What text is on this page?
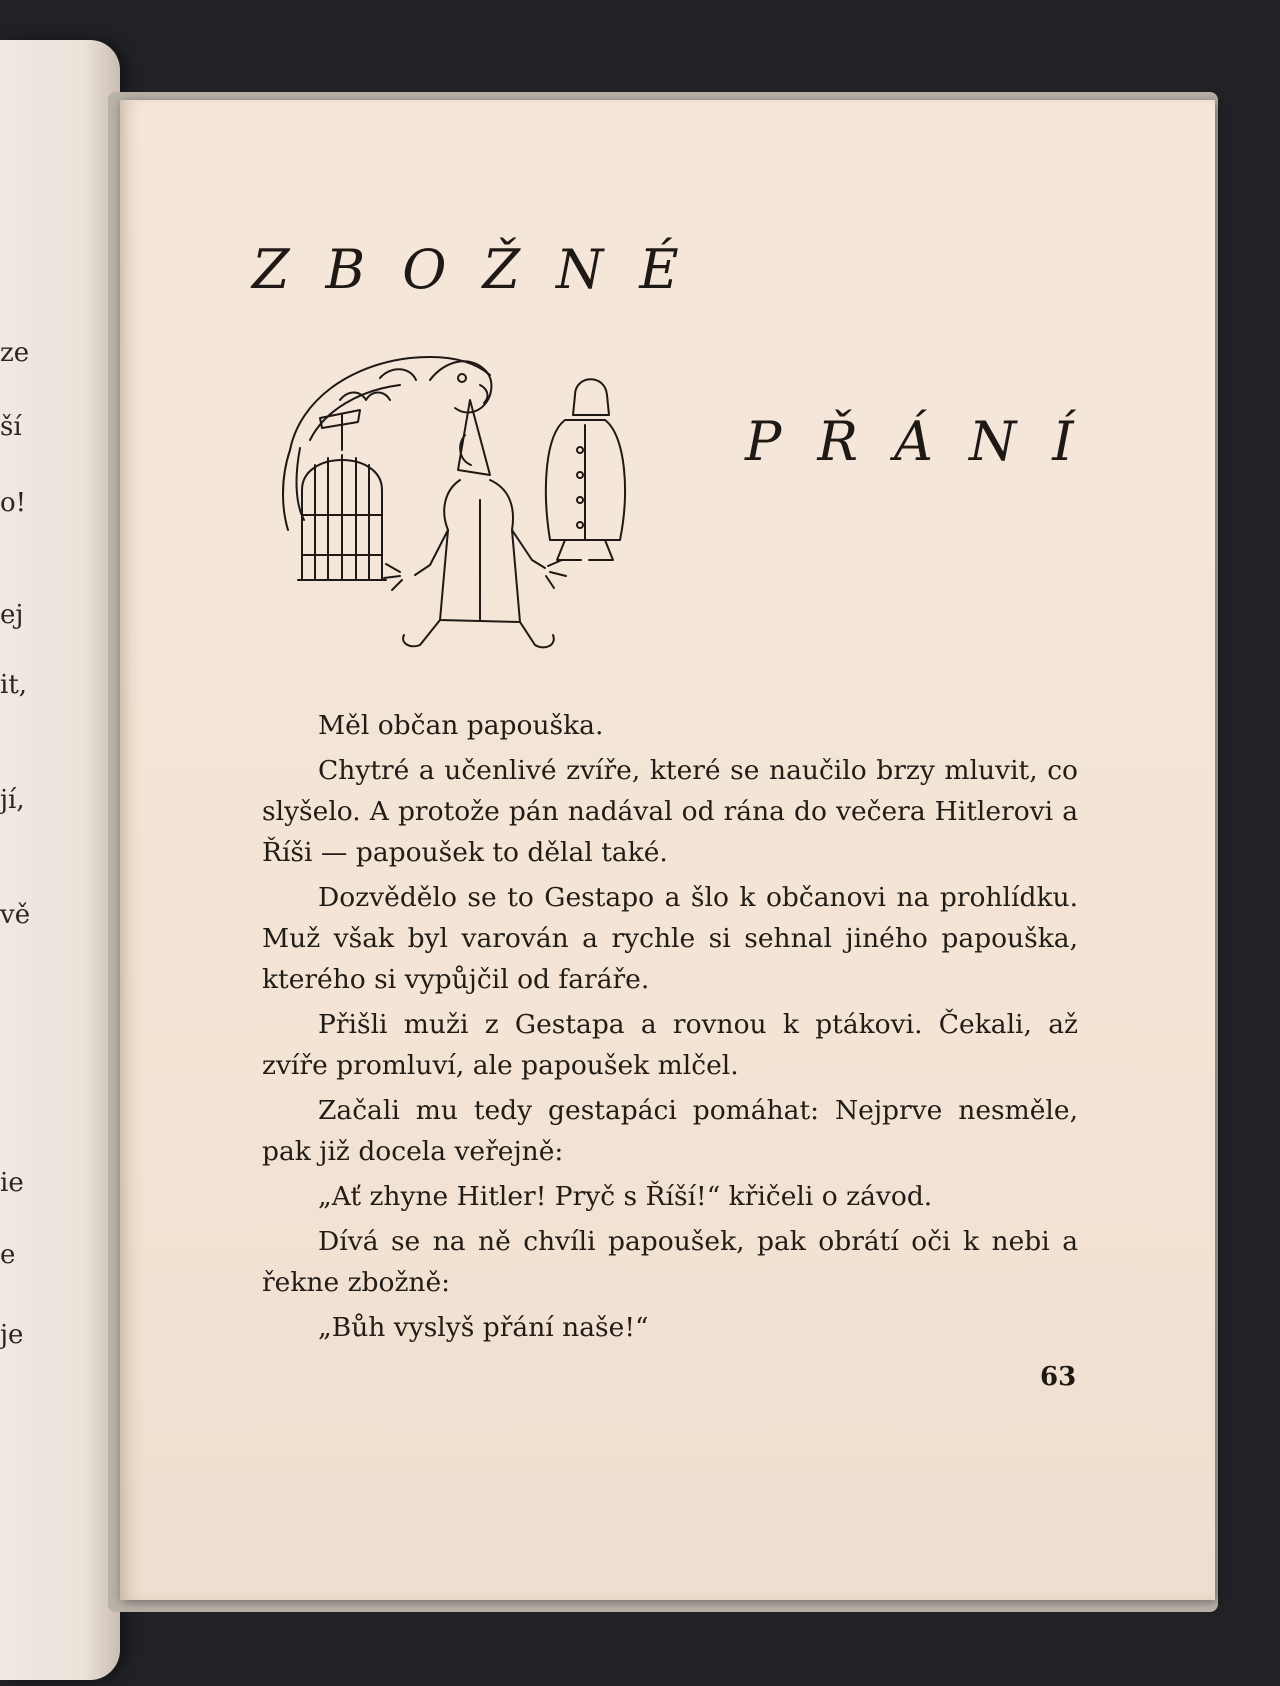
ze
ší
o!
ej
it,
jí,
vě
ie
e
je
ZBOŽNÉ
PŘÁNÍ

Měl občan papouška.

Chytré a učenlivé zvíře, které se naučilo brzy mluvit, co slyšelo. A protože pán nadával od rána do večera Hitlerovi a Říši — papoušek to dělal také.

Dozvědělo se to Gestapo a šlo k občanovi na prohlídku. Muž však byl varován a rychle si sehnal jiného papouška, kterého si vypůjčil od faráře.

Přišli muži z Gestapa a rovnou k ptákovi. Čekali, až zvíře promluví, ale papoušek mlčel.

Začali mu tedy gestapáci pomáhat: Nejprve nesměle, pak již docela veřejně:

„Ať zhyne Hitler! Pryč s Říší!“ křičeli o závod.

Dívá se na ně chvíli papoušek, pak obrátí oči k nebi a řekne zbožně:

„Bůh vyslyš přání naše!“

63
